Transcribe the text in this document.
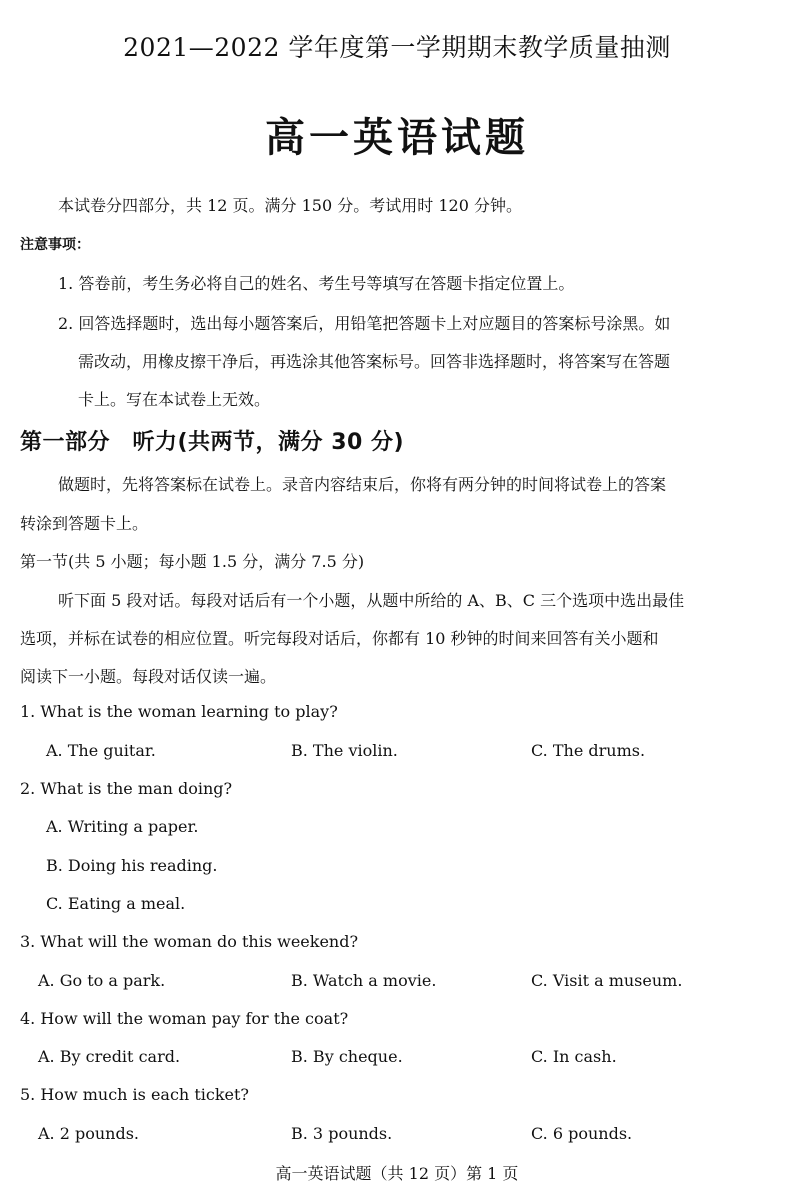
2021—2022 学年度第一学期期末教学质量抽测
高一英语试题
本试卷分四部分，共 12 页。满分 150 分。考试用时 120 分钟。
注意事项：
1. 答卷前，考生务必将自己的姓名、考生号等填写在答题卡指定位置上。
2. 回答选择题时，选出每小题答案后，用铅笔把答题卡上对应题目的答案标号涂黑。如
需改动，用橡皮擦干净后，再选涂其他答案标号。回答非选择题时，将答案写在答题
卡上。写在本试卷上无效。
第一部分　听力(共两节，满分 30 分)
做题时，先将答案标在试卷上。录音内容结束后，你将有两分钟的时间将试卷上的答案
转涂到答题卡上。
第一节(共 5 小题；每小题 1.5 分，满分 7.5 分)
听下面 5 段对话。每段对话后有一个小题，从题中所给的 A、B、C 三个选项中选出最佳
选项，并标在试卷的相应位置。听完每段对话后，你都有 10 秒钟的时间来回答有关小题和
阅读下一小题。每段对话仅读一遍。
1. What is the woman learning to play?
A. The guitar.	B. The violin.	C. The drums.
2. What is the man doing?
A. Writing a paper.
B. Doing his reading.
C. Eating a meal.
3. What will the woman do this weekend?
A. Go to a park.	B. Watch a movie.	C. Visit a museum.
4. How will the woman pay for the coat?
A. By credit card.	B. By cheque.	C. In cash.
5. How much is each ticket?
A. 2 pounds.	B. 3 pounds.	C. 6 pounds.
高一英语试题（共 12 页）第 1 页
